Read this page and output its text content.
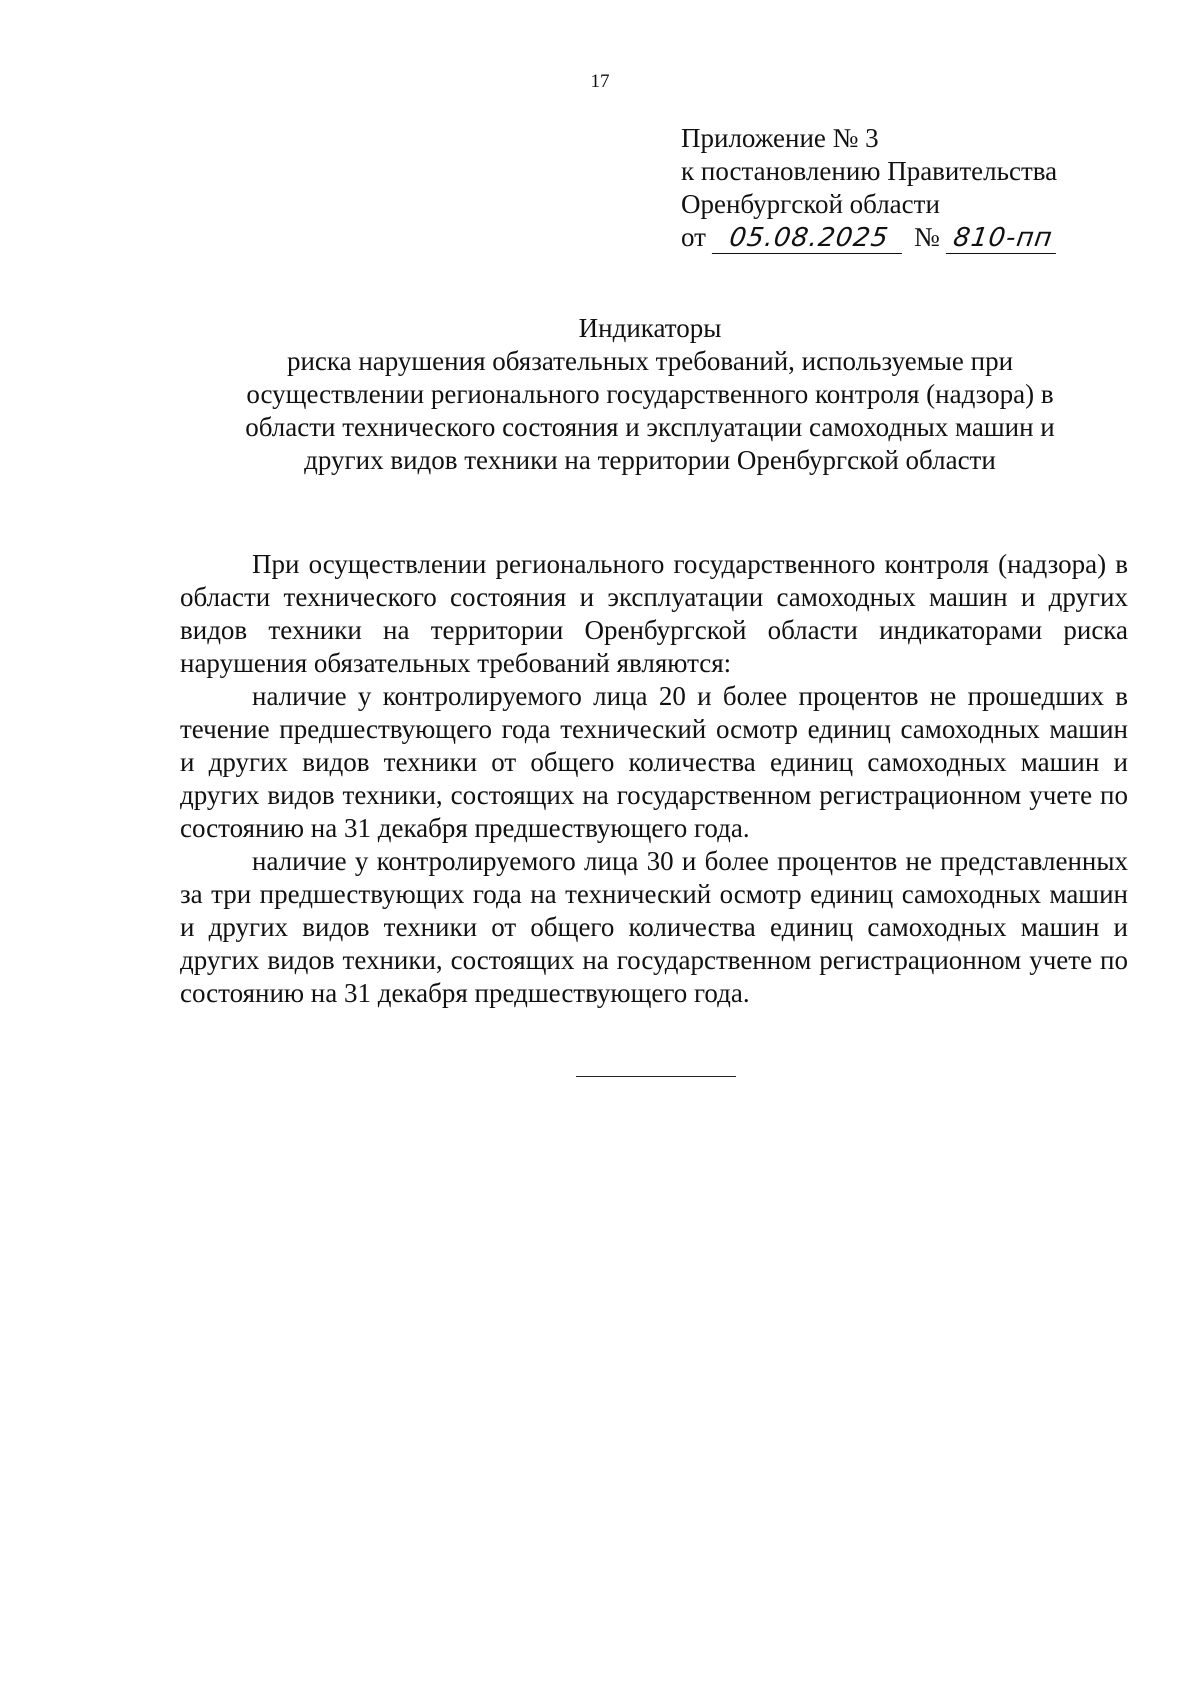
17
Приложение № 3
к постановлению Правительства
Оренбургской области
от 05.08.2025 № 810-пп
Индикаторы
риска нарушения обязательных требований, используемые при
осуществлении регионального государственного контроля (надзора) в
области технического состояния и эксплуатации самоходных машин и
других видов техники на территории Оренбургской области

При осуществлении регионального государственного контроля (надзора) в области технического состояния и эксплуатации самоходных машин и других видов техники на территории Оренбургской области индикаторами риска нарушения обязательных требований являются:

наличие у контролируемого лица 20 и более процентов не прошедших в течение предшествующего года технический осмотр единиц самоходных машин и других видов техники от общего количества единиц самоходных машин и других видов техники, состоящих на государственном регистрационном учете по состоянию на 31 декабря предшествующего года.

наличие у контролируемого лица 30 и более процентов не представленных за три предшествующих года на технический осмотр единиц самоходных машин и других видов техники от общего количества единиц самоходных машин и других видов техники, состоящих на государственном регистрационном учете по состоянию на 31 декабря предшествующего года.
